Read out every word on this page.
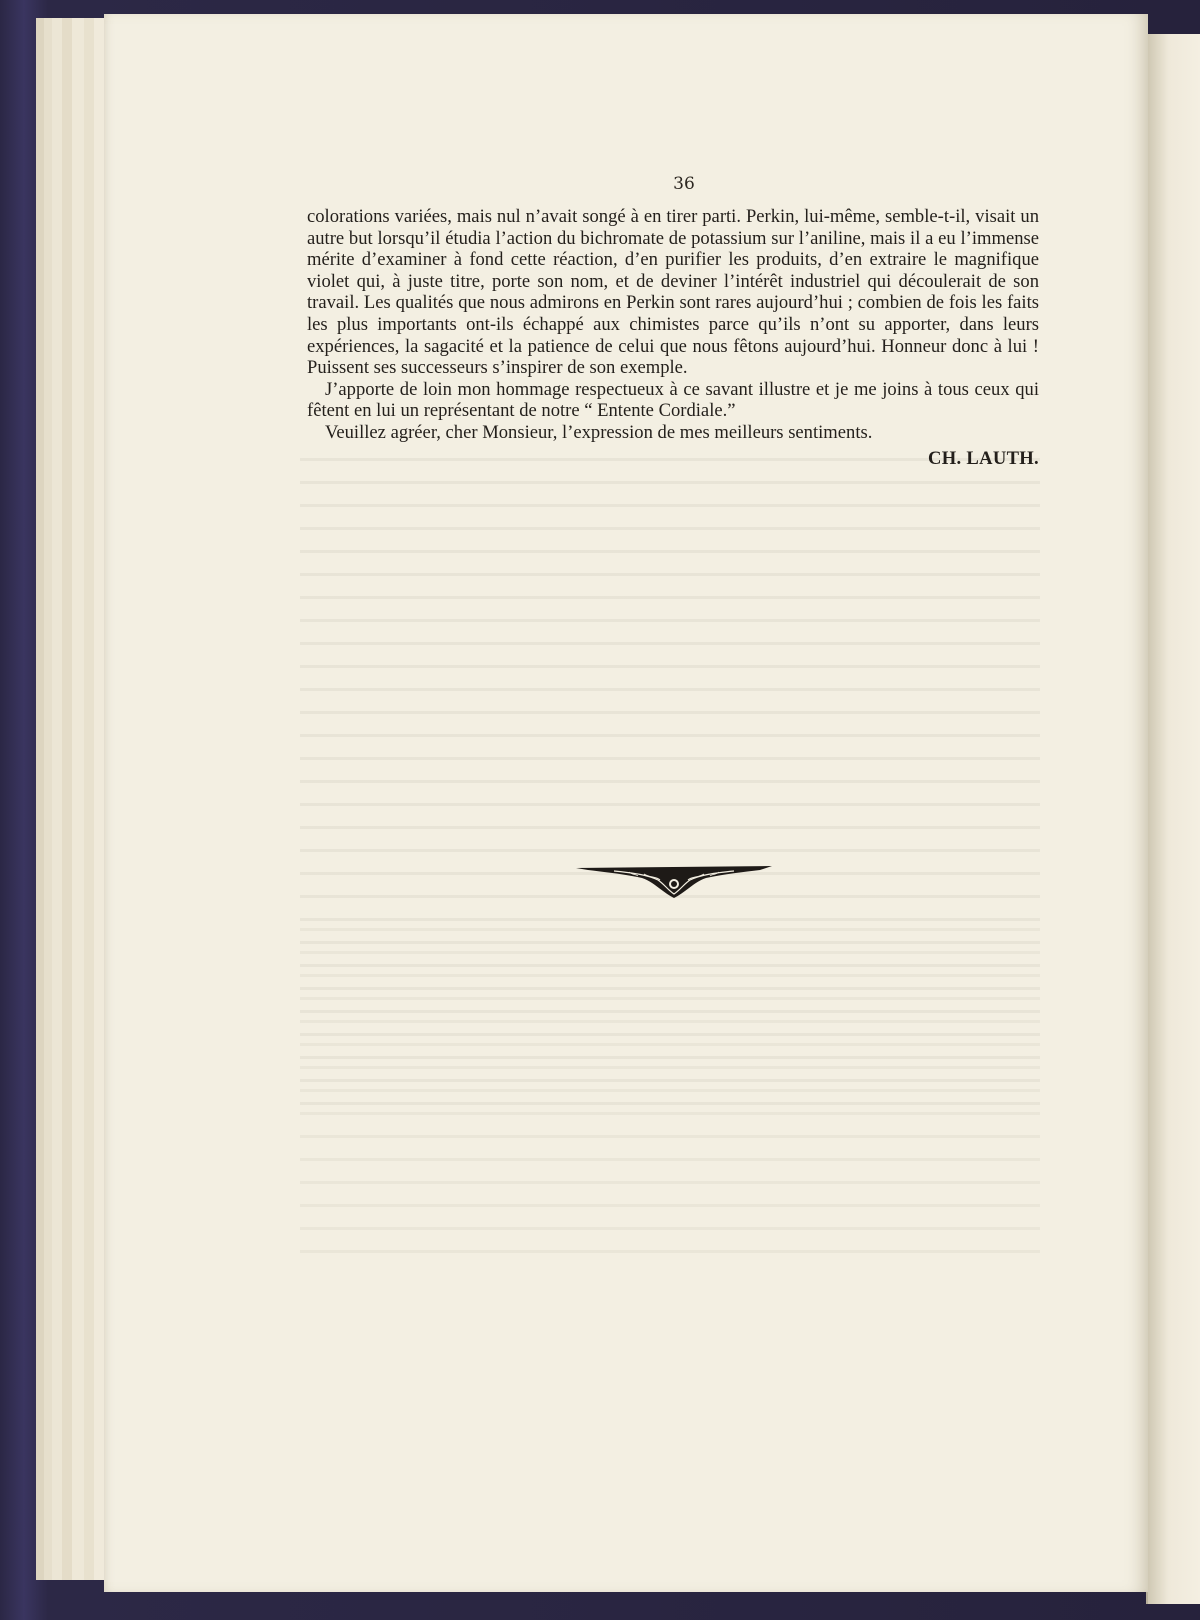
36

colorations variées, mais nul n’avait songé à en tirer parti. Perkin, lui-même, semble-t-il, visait un autre but lorsqu’il étudia l’action du bichromate de potassium sur l’aniline, mais il a eu l’immense mérite d’examiner à fond cette réaction, d’en purifier les produits, d’en extraire le magnifique violet qui, à juste titre, porte son nom, et de deviner l’intérêt industriel qui découlerait de son travail. Les qualités que nous admirons en Perkin sont rares aujourd’hui ; combien de fois les faits les plus importants ont-ils échappé aux chimistes parce qu’ils n’ont su apporter, dans leurs expériences, la sagacité et la patience de celui que nous fêtons aujourd’hui. Honneur donc à lui ! Puissent ses successeurs s’inspirer de son exemple.

J’apporte de loin mon hommage respectueux à ce savant illustre et je me joins à tous ceux qui fêtent en lui un représentant de notre “ Entente Cordiale.”

Veuillez agréer, cher Monsieur, l’expression de mes meilleurs sentiments.

CH. LAUTH.
